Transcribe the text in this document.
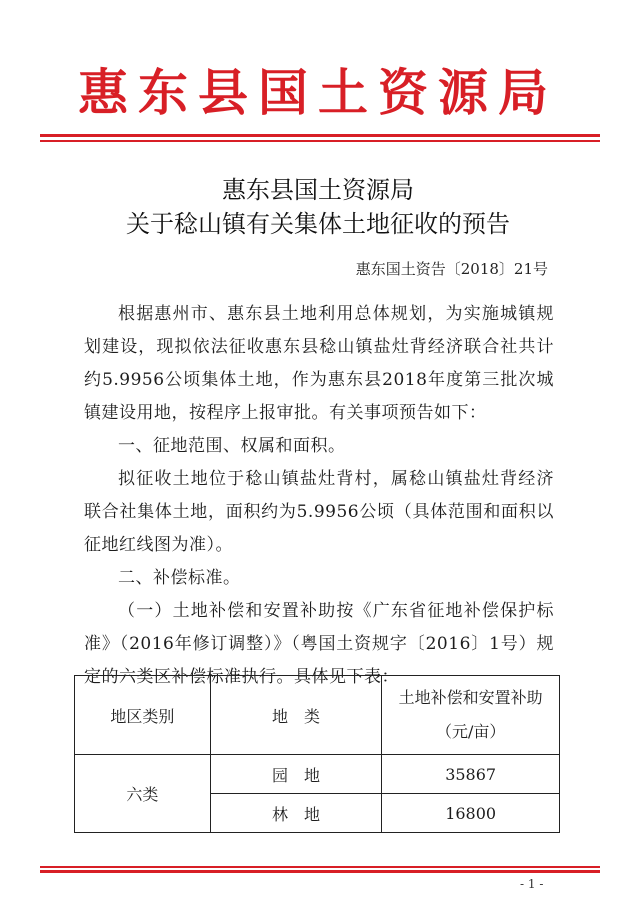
惠东县国土资源局
惠东县国土资源局
关于稔山镇有关集体土地征收的预告
惠东国土资告〔2018〕21号
根据惠州市、惠东县土地利用总体规划，为实施城镇规划建设，现拟依法征收惠东县稔山镇盐灶背经济联合社共计约5.9956公顷集体土地，作为惠东县2018年度第三批次城镇建设用地，按程序上报审批。有关事项预告如下：
一、征地范围、权属和面积。
拟征收土地位于稔山镇盐灶背村，属稔山镇盐灶背经济联合社集体土地，面积约为5.9956公顷（具体范围和面积以征地红线图为准）。
二、补偿标准。
（一）土地补偿和安置补助按《广东省征地补偿保护标准》（2016年修订调整）》（粤国土资规字〔2016〕1号）规定的六类区补偿标准执行。具体见下表：
地区类别	地　类	土地补偿和安置补助
（元/亩）

六类	园　地	35867
	林　地	16800
- 1 -
